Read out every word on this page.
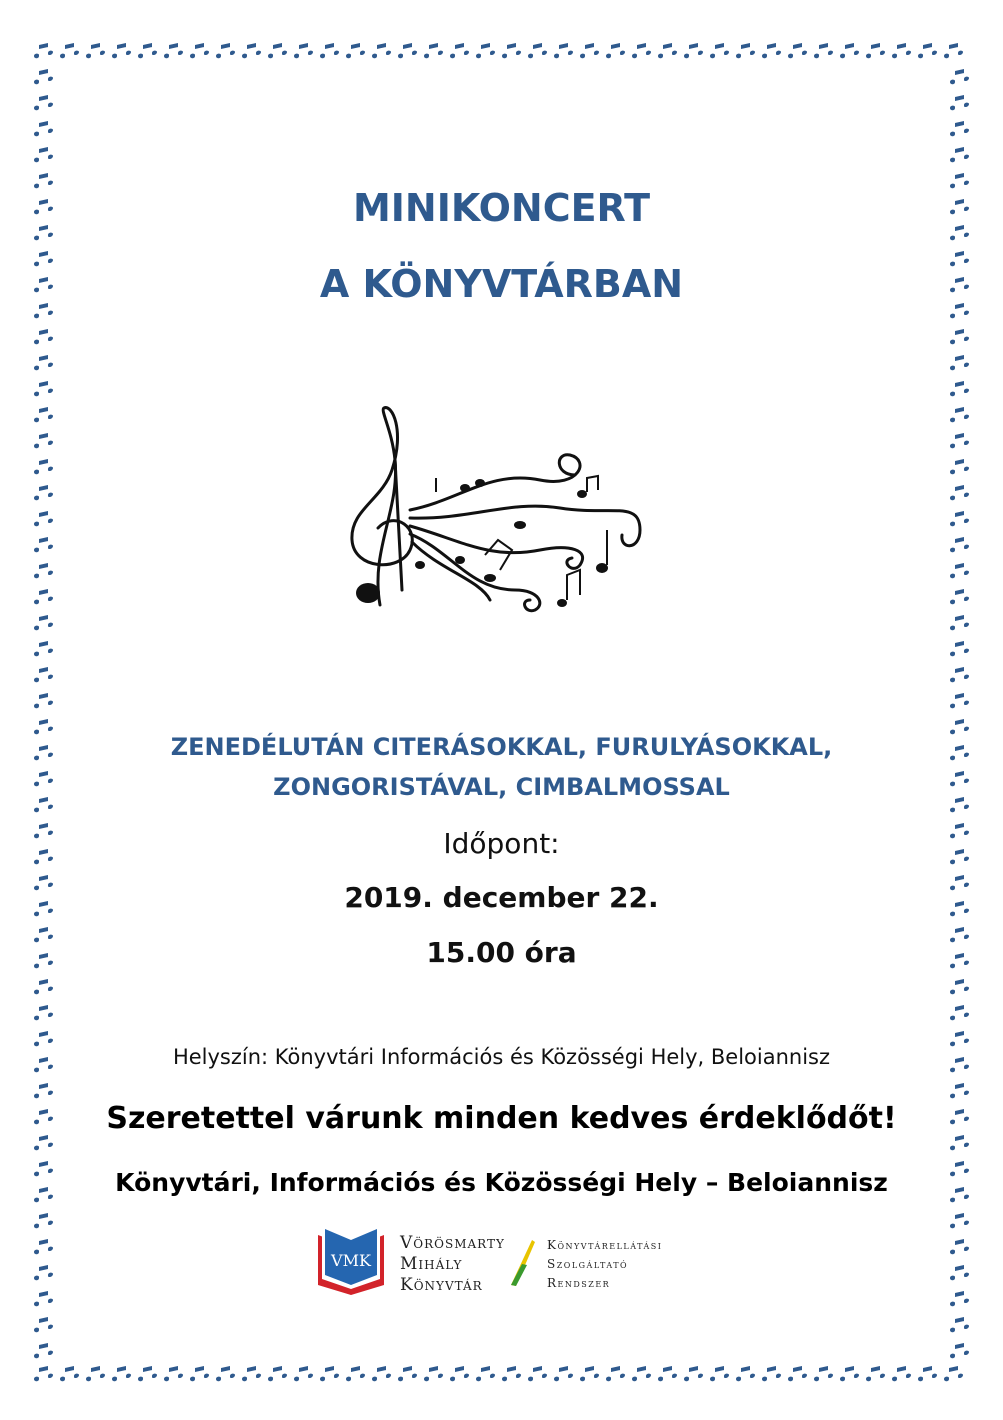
MINIKONCERT
A KÖNYVTÁRBAN
ZENEDÉLUTÁN CITERÁSOKKAL, FURULYÁSOKKAL,
ZONGORISTÁVAL, CIMBALMOSSAL
Időpont:
2019. december 22.
15.00 óra
Helyszín: Könyvtári Információs és Közösségi Hely, Beloiannisz
Szeretettel várunk minden kedves érdeklődőt!
Könyvtári, Információs és Közösségi Hely – Beloiannisz
VMK
Vörösmarty
Mihály
Könyvtár
Könyvtárellátási
Szolgáltató
Rendszer
